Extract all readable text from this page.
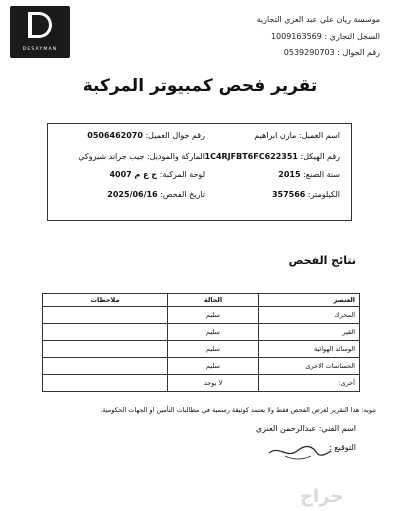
DESAYMAN
موسسة ريان علي عبد العزي التجارية
السجل التجاري : 1009163569
رقم الجوال : 0539290703
تقرير فحص كمبيوتر المركبة
اسم العميل: مازن ابراهيم
رقم جوال العميل: 0506462070
رقم الهيكل: 1C4RJFBT6FC622351
الماركة والموديل: جيب جراند شيروكي
سنة الصنع: 2015
لوحة المركبة: ح ع م 4007
الكيلومتر: 357566
تاريخ الفحص: 2025/06/16
نتائج الفحص
العنصر	الحالة	ملاحظات
المحرك	سليم	
القير	سليم	
الوسائد الهوائية	سليم	
الحساسات الاخرى	سليم	
أخرى:	لا يوجد	
تنويه: هذا التقرير لغرض الفحص فقط ولا يعتمد كوثيقة رسمية في مطالبات التأمين او الجهات الحكومية.
اسم الفني: عبدالرحمن العنزي
التوقيع :
حراج
